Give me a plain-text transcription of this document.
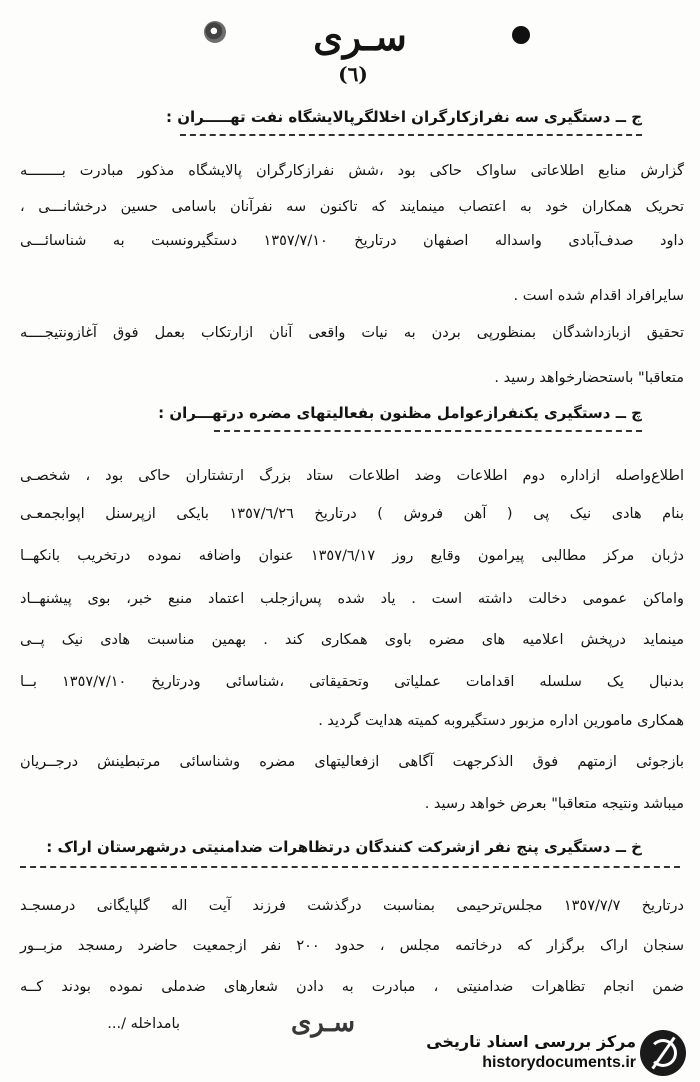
سـری
(٦)
ج ــ دستگیری سه نفرازکارگران اخلالگرپالایشگاه نفت تهـــــران :
گزارش منابع اطلاعاتی ساواک حاکی بود ،شش نفرازکارگران پالایشگاه مذکور مبادرت بــــــــه
تحریک همکاران خود به اعتصاب مینمایند که تاکنون سه نفرآنان باسامی حسین درخشانـــی ،
داود صدف‌آبادی واسداله اصفهان درتاریخ ١٣٥٧/٧/١٠ دستگیرونسبت به شناسائـــی
سایرافراد اقدام شده است .
تحقیق ازبازداشدگان بمنظورپی بردن به نیات واقعی آنان ازارتکاب بعمل فوق آغازونتیجــــه
متعاقبا" باستحضارخواهد رسید .
چ ــ دستگیری یکنفرازعوامل مظنون بفعالیتهای مضره درتهـــران :
اطلاع‌واصله ازاداره دوم اطلاعات وضد اطلاعات ستاد بزرگ ارتشتاران حاکی بود ، شخصـی
بنام هادی نیک پی ( آهن فروش ) درتاریخ ١٣٥٧/٦/٢٦ بایکی ازپرسنل اپوابجمعـی
دژبان مرکز مطالبی پیرامون وقایع روز ١٣٥٧/٦/١٧ عنوان واضافه نموده درتخریب بانکهــا
واماکن عمومی دخالت داشته است . یاد شده پس‌ازجلب اعتماد منبع خبر، بوی پیشنهــاد
مینماید درپخش اعلامیه های مضره باوی همکاری کند . بهمین مناسبت هادی نیک پــی
بدنبال یک سلسله اقدامات عملیاتی وتحقیقاتی ،شناسائی ودرتاریخ ١٣٥٧/٧/١٠ بــا
همکاری مامورین اداره مزبور دستگیروبه کمیته هدایت گردید .
بازجوئی ازمتهم فوق الذکرجهت آگاهی ازفعالیتهای مضره وشناسائی مرتبطینش درجــریان
میباشد ونتیجه متعاقبا" بعرض خواهد رسید .
خ ــ دستگیری پنج نفر ازشرکت کنندگان درتظاهرات ضدامنیتی درشهرستان اراک :
درتاریخ ١٣٥٧/٧/٧ مجلس‌ترحیمی بمناسبت درگذشت فرزند آیت اله گلپایگانی درمسجـد
سنجان اراک برگزار که درخاتمه مجلس ، حدود ٢٠٠ نفر ازجمعیت حاضرد رمسجد مزبــور
ضمن انجام تظاهرات ضدامنیتی ، مبادرت به دادن شعارهای ضدملی نموده بودند کــه
بامداخله /...	سـری
مرکز بررسی اسناد تاریخی
historydocuments.ir
